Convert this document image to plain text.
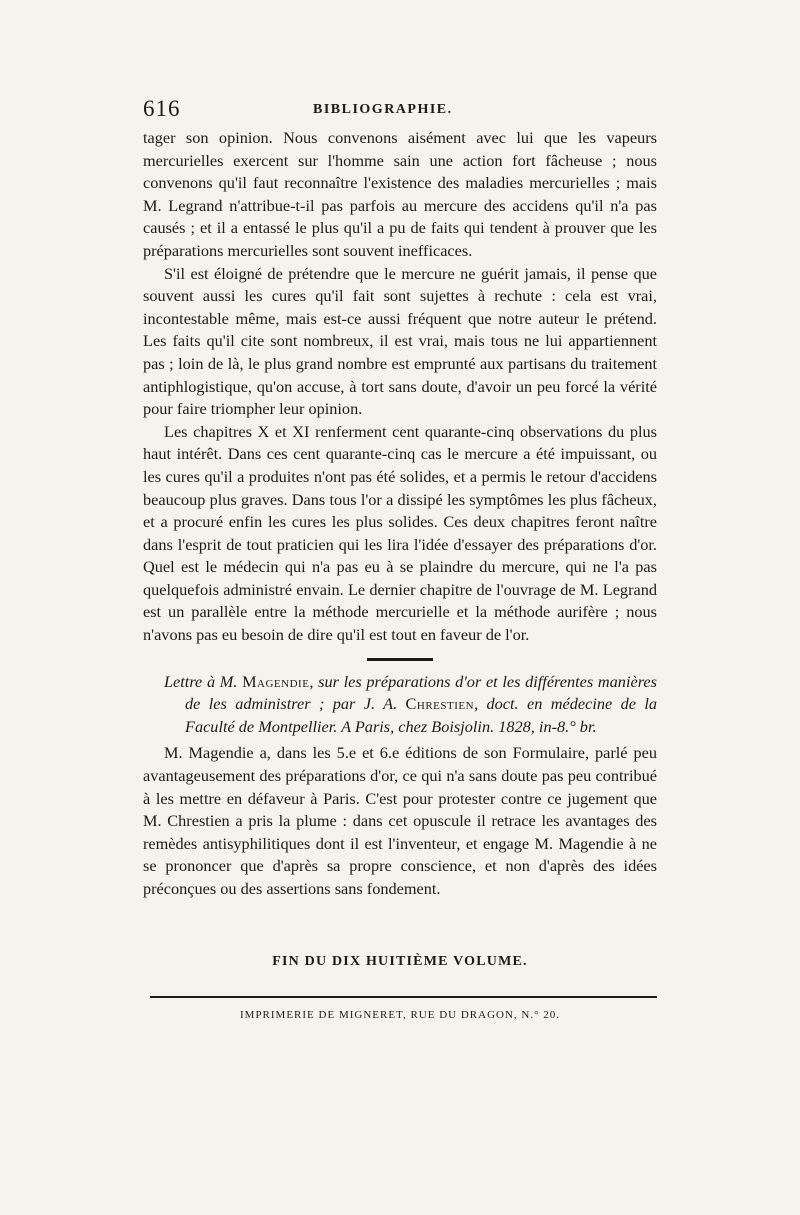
616	BIBLIOGRAPHIE.

tager son opinion. Nous convenons aisément avec lui que les vapeurs mercurielles exercent sur l'homme sain une action fort fâcheuse ; nous convenons qu'il faut reconnaître l'existence des maladies mercurielles ; mais M. Legrand n'attribue-t-il pas parfois au mercure des accidens qu'il n'a pas causés ; et il a entassé le plus qu'il a pu de faits qui tendent à prouver que les préparations mercurielles sont souvent inefficaces.

S'il est éloigné de prétendre que le mercure ne guérit jamais, il pense que souvent aussi les cures qu'il fait sont sujettes à rechute : cela est vrai, incontestable même, mais est-ce aussi fréquent que notre auteur le prétend. Les faits qu'il cite sont nombreux, il est vrai, mais tous ne lui appartiennent pas ; loin de là, le plus grand nombre est emprunté aux partisans du traitement antiphlogistique, qu'on accuse, à tort sans doute, d'avoir un peu forcé la vérité pour faire triompher leur opinion.

Les chapitres X et XI renferment cent quarante-cinq observations du plus haut intérêt. Dans ces cent quarante-cinq cas le mercure a été impuissant, ou les cures qu'il a produites n'ont pas été solides, et a permis le retour d'accidens beaucoup plus graves. Dans tous l'or a dissipé les symptômes les plus fâcheux, et a procuré enfin les cures les plus solides. Ces deux chapitres feront naître dans l'esprit de tout praticien qui les lira l'idée d'essayer des préparations d'or. Quel est le médecin qui n'a pas eu à se plaindre du mercure, qui ne l'a pas quelquefois administré envain. Le dernier chapitre de l'ouvrage de M. Legrand est un parallèle entre la méthode mercurielle et la méthode aurifère ; nous n'avons pas eu besoin de dire qu'il est tout en faveur de l'or.

Lettre à M. Magendie, sur les préparations d'or et les différentes manières de les administrer ; par J. A. Chrestien, doct. en médecine de la Faculté de Montpellier. A Paris, chez Boisjolin. 1828, in-8.° br.

M. Magendie a, dans les 5.e et 6.e éditions de son Formulaire, parlé peu avantageusement des préparations d'or, ce qui n'a sans doute pas peu contribué à les mettre en défaveur à Paris. C'est pour protester contre ce jugement que M. Chrestien a pris la plume : dans cet opuscule il retrace les avantages des remèdes antisyphilitiques dont il est l'inventeur, et engage M. Magendie à ne se prononcer que d'après sa propre conscience, et non d'après des idées préconçues ou des assertions sans fondement.

FIN DU DIX HUITIÈME VOLUME.
IMPRIMERIE DE MIGNERET, RUE DU DRAGON, N.° 20.
